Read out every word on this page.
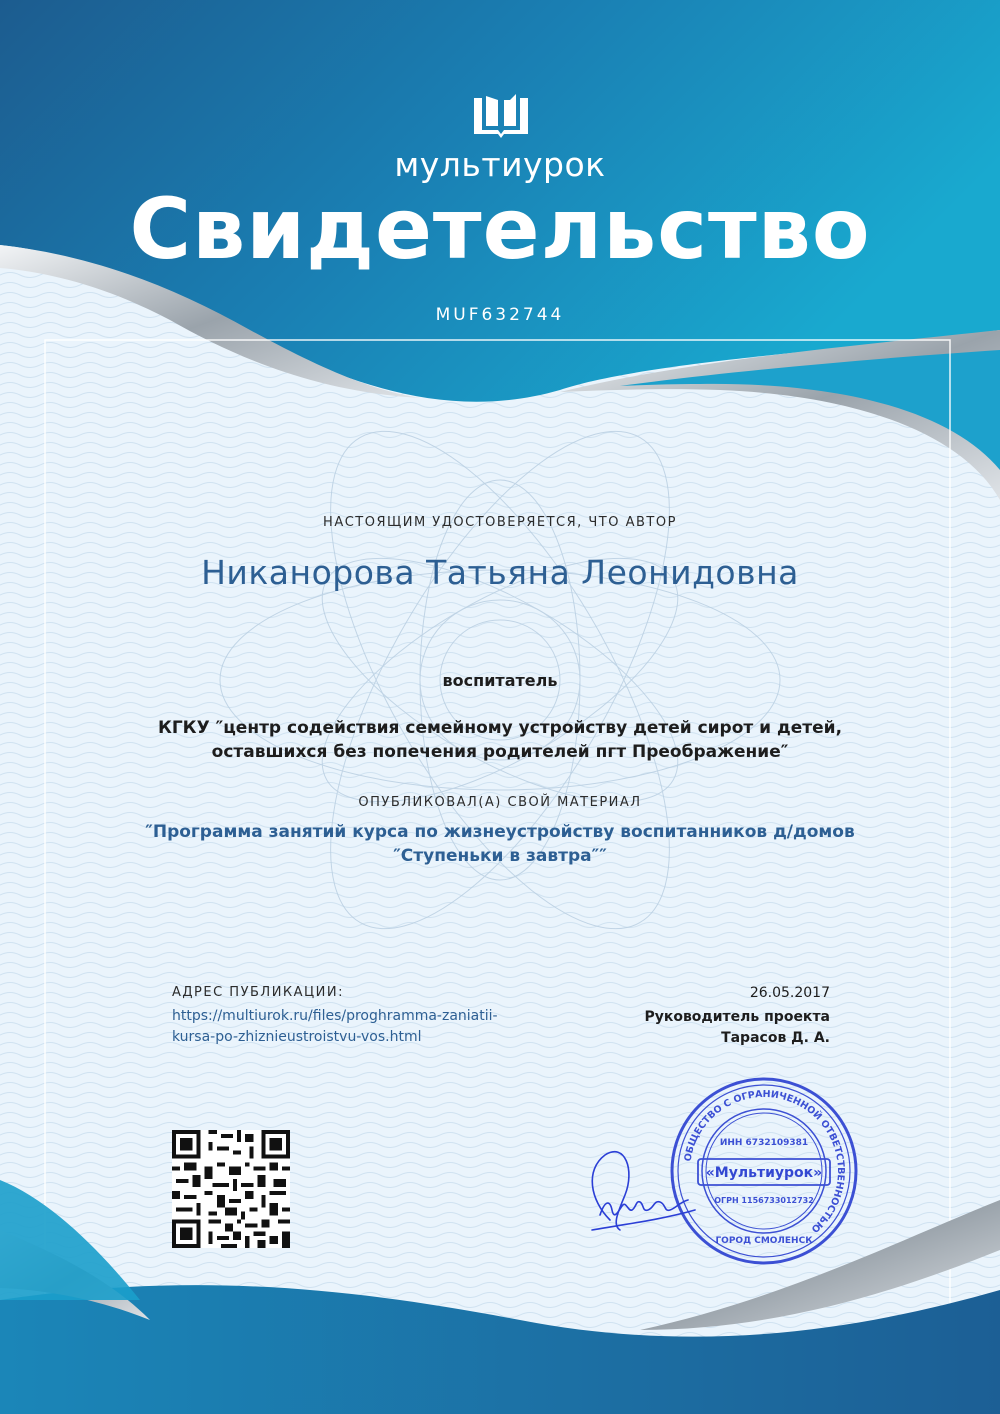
мультиурок
Свидетельство
MUF632744
НАСТОЯЩИМ УДОСТОВЕРЯЕТСЯ, ЧТО АВТОР
Никанорова Татьяна Леонидовна
воспитатель
КГКУ ″центр содействия семейному устройству детей сирот и детей,
оставшихся без попечения родителей пгт Преображение″
ОПУБЛИКОВАЛ(А) СВОЙ МАТЕРИАЛ
″Программа занятий курса по жизнеустройству воспитанников д/домов
″Ступеньки в завтра″″
АДРЕС ПУБЛИКАЦИИ:
https://multiurok.ru/files/proghramma-zaniatii-
kursa-po-zhiznieustroistvu-vos.html
26.05.2017
Руководитель проекта
Тарасов Д. А.
ОБЩЕСТВО С ОГРАНИЧЕННОЙ ОТВЕТСТВЕННОСТЬЮ
ИНН 6732109381
«Мультиурок»
ОГРН 1156733012732
ГОРОД СМОЛЕНСК
